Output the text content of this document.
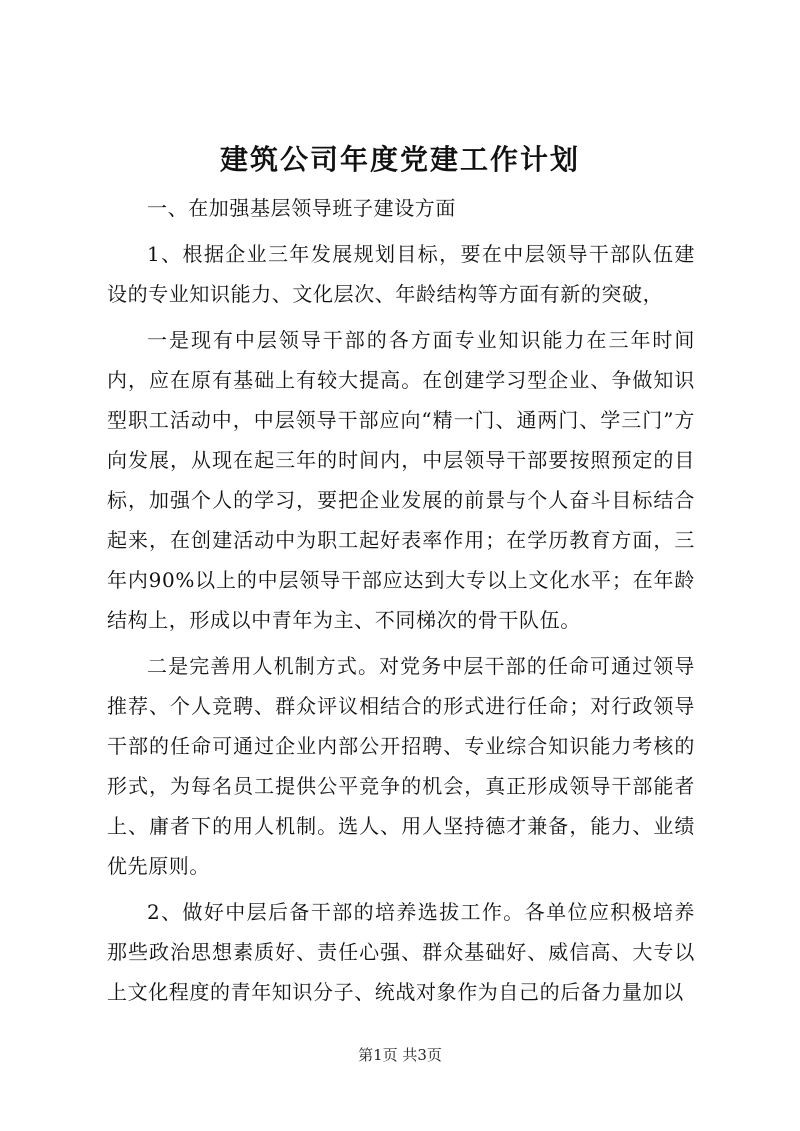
建筑公司年度党建工作计划

一、在加强基层领导班子建设方面

1、根据企业三年发展规划目标，要在中层领导干部队伍建设的专业知识能力、文化层次、年龄结构等方面有新的突破，

一是现有中层领导干部的各方面专业知识能力在三年时间内，应在原有基础上有较大提高。在创建学习型企业、争做知识型职工活动中，中层领导干部应向“精一门、通两门、学三门”方向发展，从现在起三年的时间内，中层领导干部要按照预定的目标，加强个人的学习，要把企业发展的前景与个人奋斗目标结合起来，在创建活动中为职工起好表率作用；在学历教育方面，三年内90%以上的中层领导干部应达到大专以上文化水平；在年龄结构上，形成以中青年为主、不同梯次的骨干队伍。

二是完善用人机制方式。对党务中层干部的任命可通过领导推荐、个人竞聘、群众评议相结合的形式进行任命；对行政领导干部的任命可通过企业内部公开招聘、专业综合知识能力考核的形式，为每名员工提供公平竞争的机会，真正形成领导干部能者上、庸者下的用人机制。选人、用人坚持德才兼备，能力、业绩优先原则。

2、做好中层后备干部的培养选拔工作。各单位应积极培养那些政治思想素质好、责任心强、群众基础好、威信高、大专以上文化程度的青年知识分子、统战对象作为自己的后备力量加以

第1页 共3页
